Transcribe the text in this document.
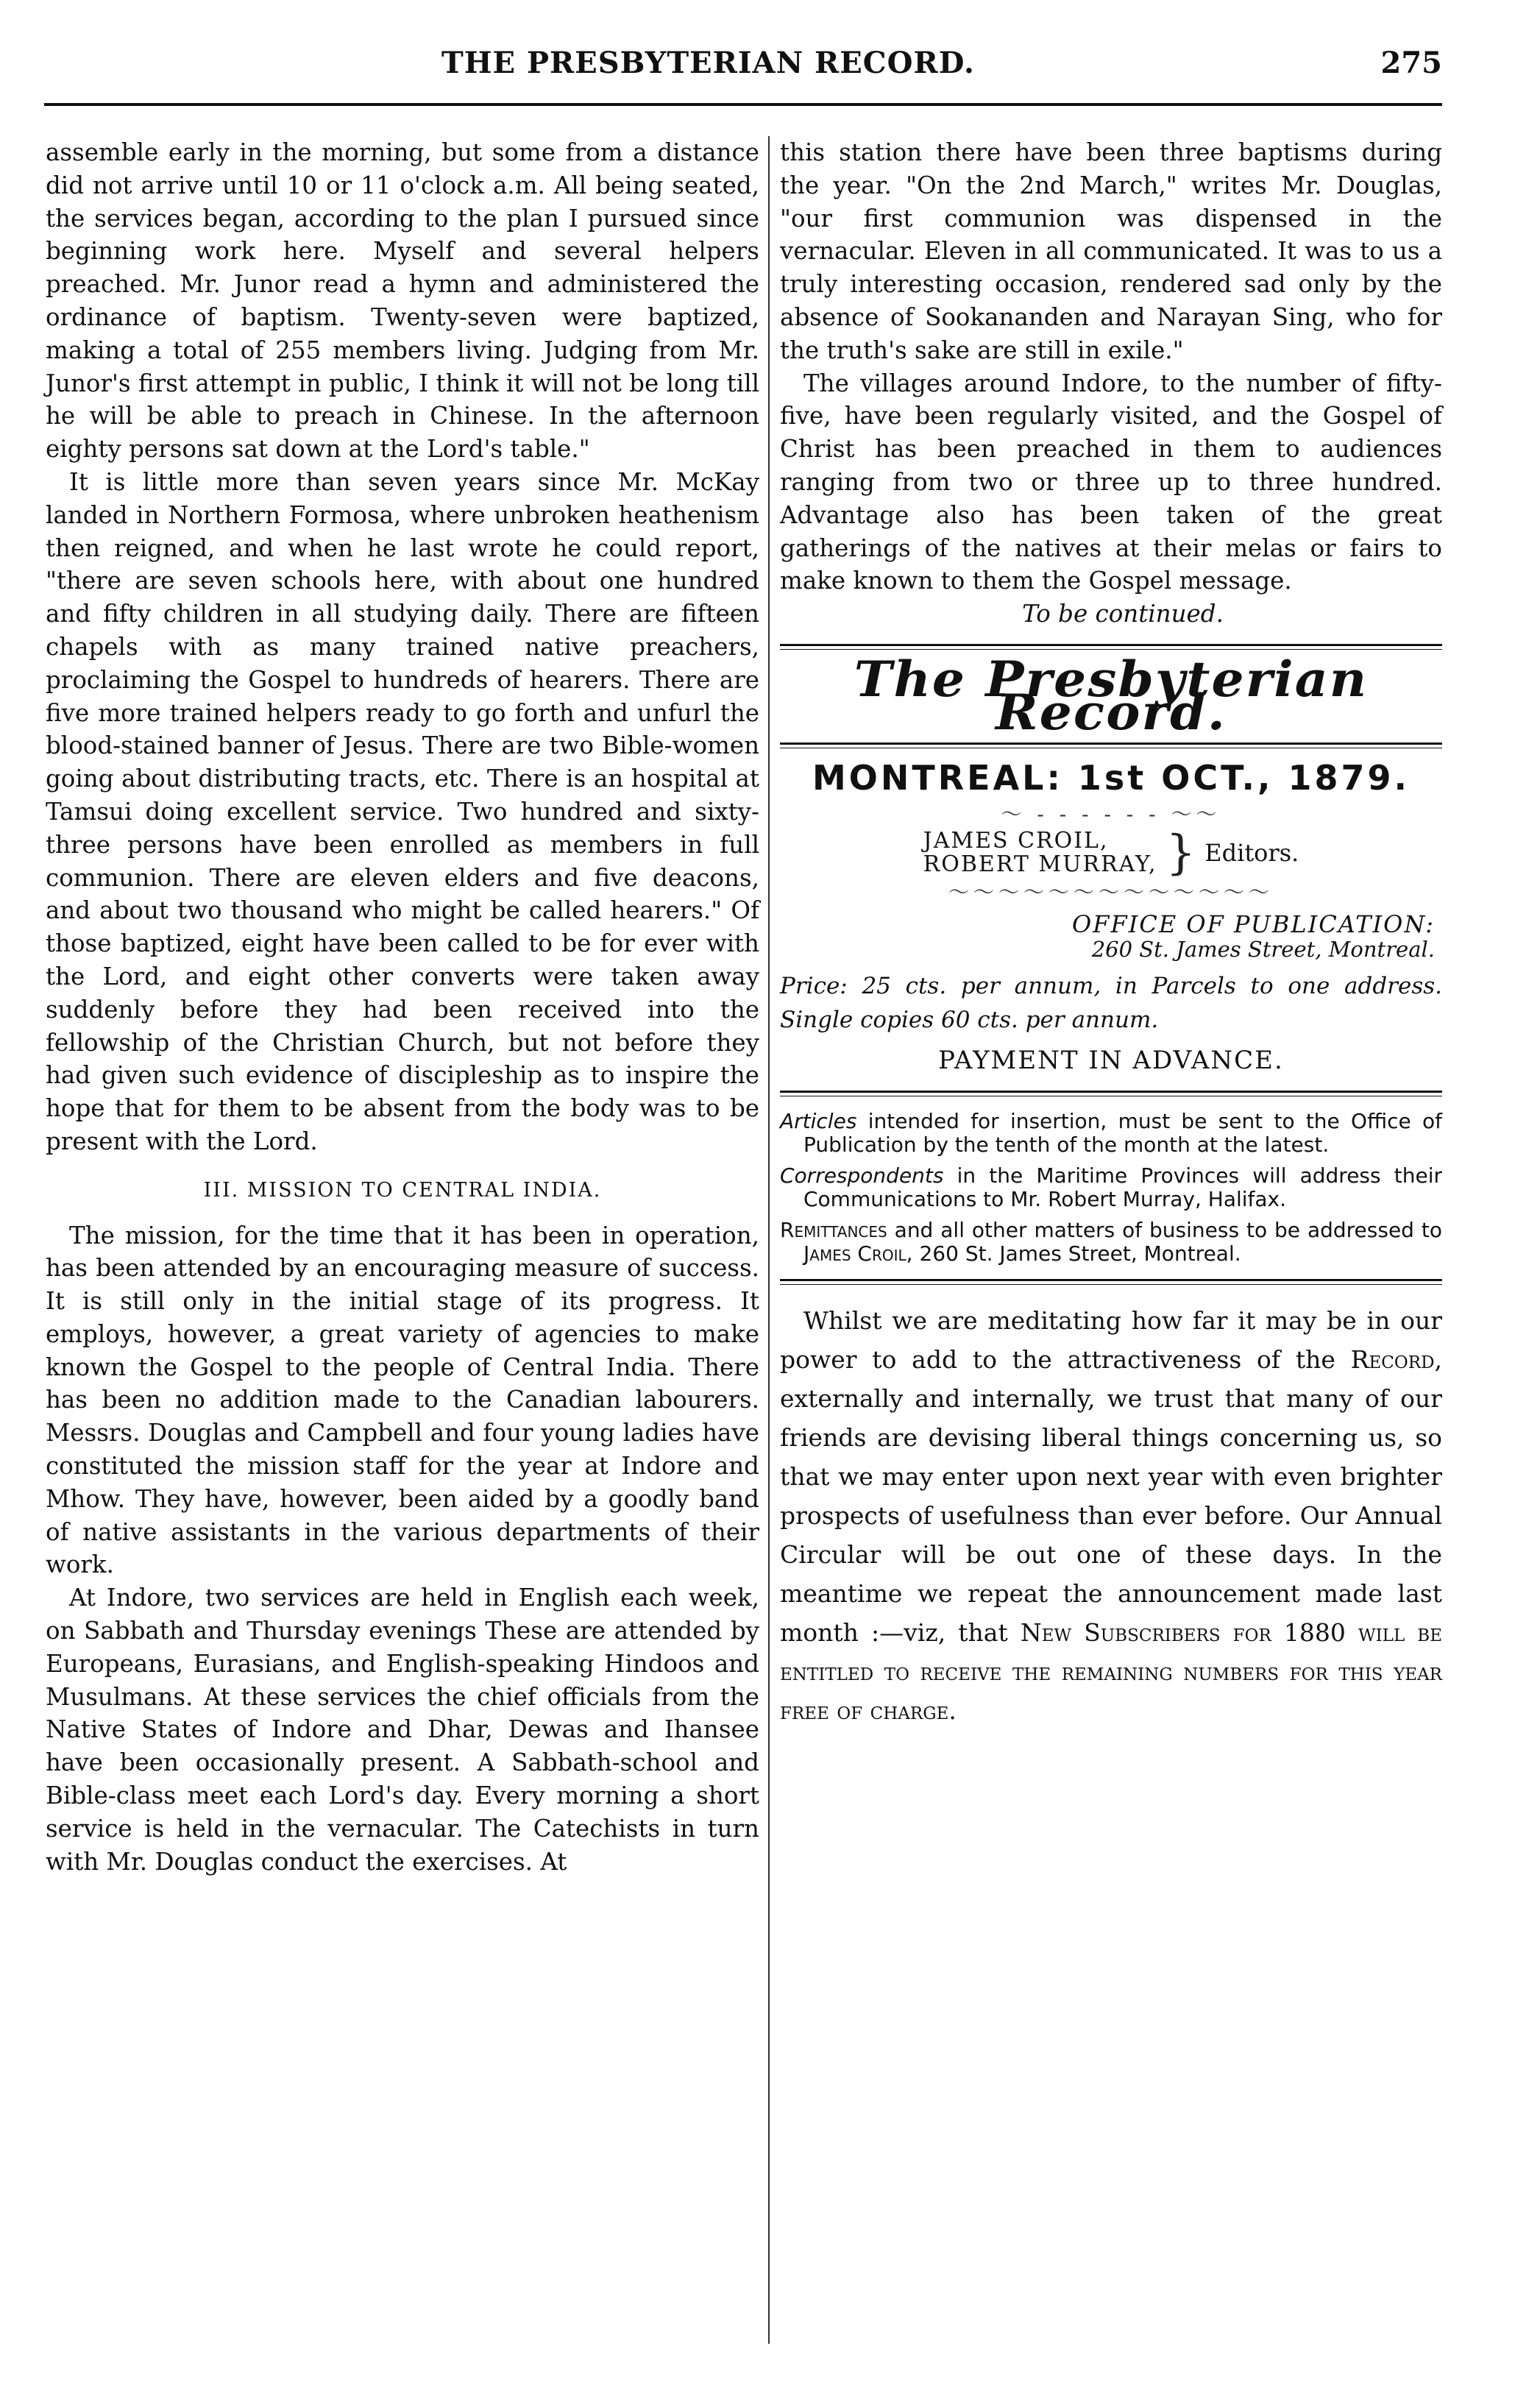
THE PRESBYTERIAN RECORD.	275

assemble early in the morning, but some from a distance did not arrive until 10 or 11 o'clock a.m. All being seated, the services began, according to the plan I pursued since beginning work here. Myself and several helpers preached. Mr. Junor read a hymn and administered the ordinance of baptism. Twenty-seven were baptized, making a total of 255 members living. Judging from Mr. Junor's first attempt in public, I think it will not be long till he will be able to preach in Chinese. In the afternoon eighty persons sat down at the Lord's table."

It is little more than seven years since Mr. McKay landed in Northern Formosa, where unbroken heathenism then reigned, and when he last wrote he could report, "there are seven schools here, with about one hundred and fifty children in all studying daily. There are fifteen chapels with as many trained native preachers, proclaiming the Gospel to hundreds of hearers. There are five more trained helpers ready to go forth and unfurl the blood-stained banner of Jesus. There are two Bible-women going about distributing tracts, etc. There is an hospital at Tamsui doing excellent service. Two hundred and sixty-three persons have been enrolled as members in full communion. There are eleven elders and five deacons, and about two thousand who might be called hearers." Of those baptized, eight have been called to be for ever with the Lord, and eight other converts were taken away suddenly before they had been received into the fellowship of the Christian Church, but not before they had given such evidence of discipleship as to inspire the hope that for them to be absent from the body was to be present with the Lord.

III. MISSION TO CENTRAL INDIA.

The mission, for the time that it has been in operation, has been attended by an encouraging measure of success. It is still only in the initial stage of its progress. It employs, however, a great variety of agencies to make known the Gospel to the people of Central India. There has been no addition made to the Canadian labourers. Messrs. Douglas and Campbell and four young ladies have constituted the mission staff for the year at Indore and Mhow. They have, however, been aided by a goodly band of native assistants in the various departments of their work.

At Indore, two services are held in English each week, on Sabbath and Thursday evenings These are attended by Europeans, Eurasians, and English-speaking Hindoos and Musulmans. At these services the chief officials from the Native States of Indore and Dhar, Dewas and Ihansee have been occasionally present. A Sabbath-school and Bible-class meet each Lord's day. Every morning a short service is held in the vernacular. The Catechists in turn with Mr. Douglas conduct the exercises. At

this station there have been three baptisms during the year. "On the 2nd March," writes Mr. Douglas, "our first communion was dispensed in the vernacular. Eleven in all communicated. It was to us a truly interesting occasion, rendered sad only by the absence of Sookananden and Narayan Sing, who for the truth's sake are still in exile."

The villages around Indore, to the number of fifty-five, have been regularly visited, and the Gospel of Christ has been preached in them to audiences ranging from two or three up to three hundred. Advantage also has been taken of the great gatherings of the natives at their melas or fairs to make known to them the Gospel message.

To be continued.

The Presbyterian Record.
MONTREAL: 1st OCT., 1879.
〜 - - - - - - 〜〜
JAMES CROIL,
ROBERT MURRAY, } Editors.
〜〜〜〜〜〜〜〜〜〜〜〜〜
OFFICE OF PUBLICATION:
260 St. James Street, Montreal.
Price: 25 cts. per annum, in Parcels to one address. Single copies 60 cts. per annum.
PAYMENT IN ADVANCE.
Articles intended for insertion, must be sent to the Office of Publication by the tenth of the month at the latest.
Correspondents in the Maritime Provinces will address their Communications to Mr. Robert Murray, Halifax.
Remittances and all other matters of business to be addressed to James Croil, 260 St. James Street, Montreal.

Whilst we are meditating how far it may be in our power to add to the attractiveness of the Record, externally and internally, we trust that many of our friends are devising liberal things concerning us, so that we may enter upon next year with even brighter prospects of usefulness than ever before. Our Annual Circular will be out one of these days. In the meantime we repeat the announcement made last month :—viz, that New Subscribers for 1880 will be entitled to receive the remaining numbers for this year free of charge.
